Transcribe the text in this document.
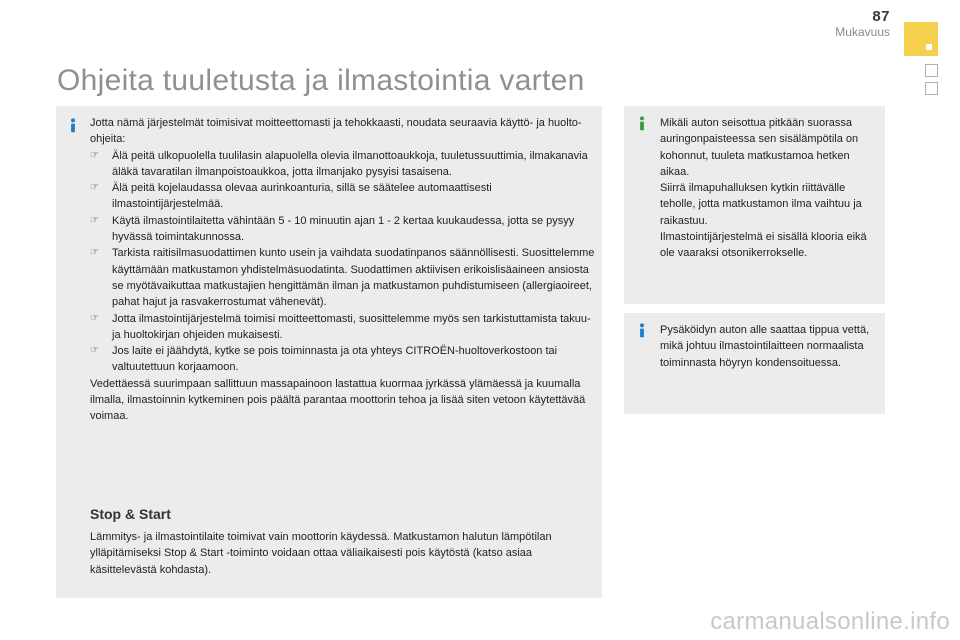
87
Mukavuus
Ohjeita tuuletusta ja ilmastointia varten

Jotta nämä järjestelmät toimisivat moitteettomasti ja tehokkaasti, noudata seuraavia käyttö- ja huolto-ohjeita:

☞ Älä peitä ulkopuolella tuulilasin alapuolella olevia ilmanottoaukkoja, tuuletussuuttimia, ilmakanavia äläkä tavaratilan ilmanpoistoaukkoa, jotta ilmanjako pysyisi tasaisena.
☞ Älä peitä kojelaudassa olevaa aurinkoanturia, sillä se säätelee automaattisesti ilmastointijärjestelmää.
☞ Käytä ilmastointilaitetta vähintään 5 - 10 minuutin ajan 1 - 2 kertaa kuukaudessa, jotta se pysyy hyvässä toimintakunnossa.
☞ Tarkista raitisilmasuodattimen kunto usein ja vaihdata suodatinpanos säännöllisesti. Suosittelemme käyttämään matkustamon yhdistelmäsuodatinta. Suodattimen aktiivisen erikoislisäaineen ansiosta se myötävaikuttaa matkustajien hengittämän ilman ja matkustamon puhdistumiseen (allergiaoireet, pahat hajut ja rasvakerrostumat vähenevät).
☞ Jotta ilmastointijärjestelmä toimisi moitteettomasti, suosittelemme myös sen tarkistuttamista takuu- ja huoltokirjan ohjeiden mukaisesti.
☞ Jos laite ei jäähdytä, kytke se pois toiminnasta ja ota yhteys CITROËN-huoltoverkostoon tai valtuutettuun korjaamoon.

Vedettäessä suurimpaan sallittuun massapainoon lastattua kuormaa jyrkässä ylämäessä ja kuumalla ilmalla, ilmastoinnin kytkeminen pois päältä parantaa moottorin tehoa ja lisää siten vetoon käytettävää voimaa.

Stop & Start
Lämmitys- ja ilmastointilaite toimivat vain moottorin käydessä. Matkustamon halutun lämpötilan ylläpitämiseksi Stop & Start -toiminto voidaan ottaa väliaikaisesti pois käytöstä (katso asiaa käsittelevästä kohdasta).

Mikäli auton seisottua pitkään suorassa auringonpaisteessa sen sisälämpötila on kohonnut, tuuleta matkustamoa hetken aikaa.

Siirrä ilmapuhalluksen kytkin riittävälle teholle, jotta matkustamon ilma vaihtuu ja raikastuu.

Ilmastointijärjestelmä ei sisällä klooria eikä ole vaaraksi otsonikerrokselle.

Pysäköidyn auton alle saattaa tippua vettä, mikä johtuu ilmastointilaitteen normaalista toiminnasta höyryn kondensoituessa.
carmanualsonline.info
